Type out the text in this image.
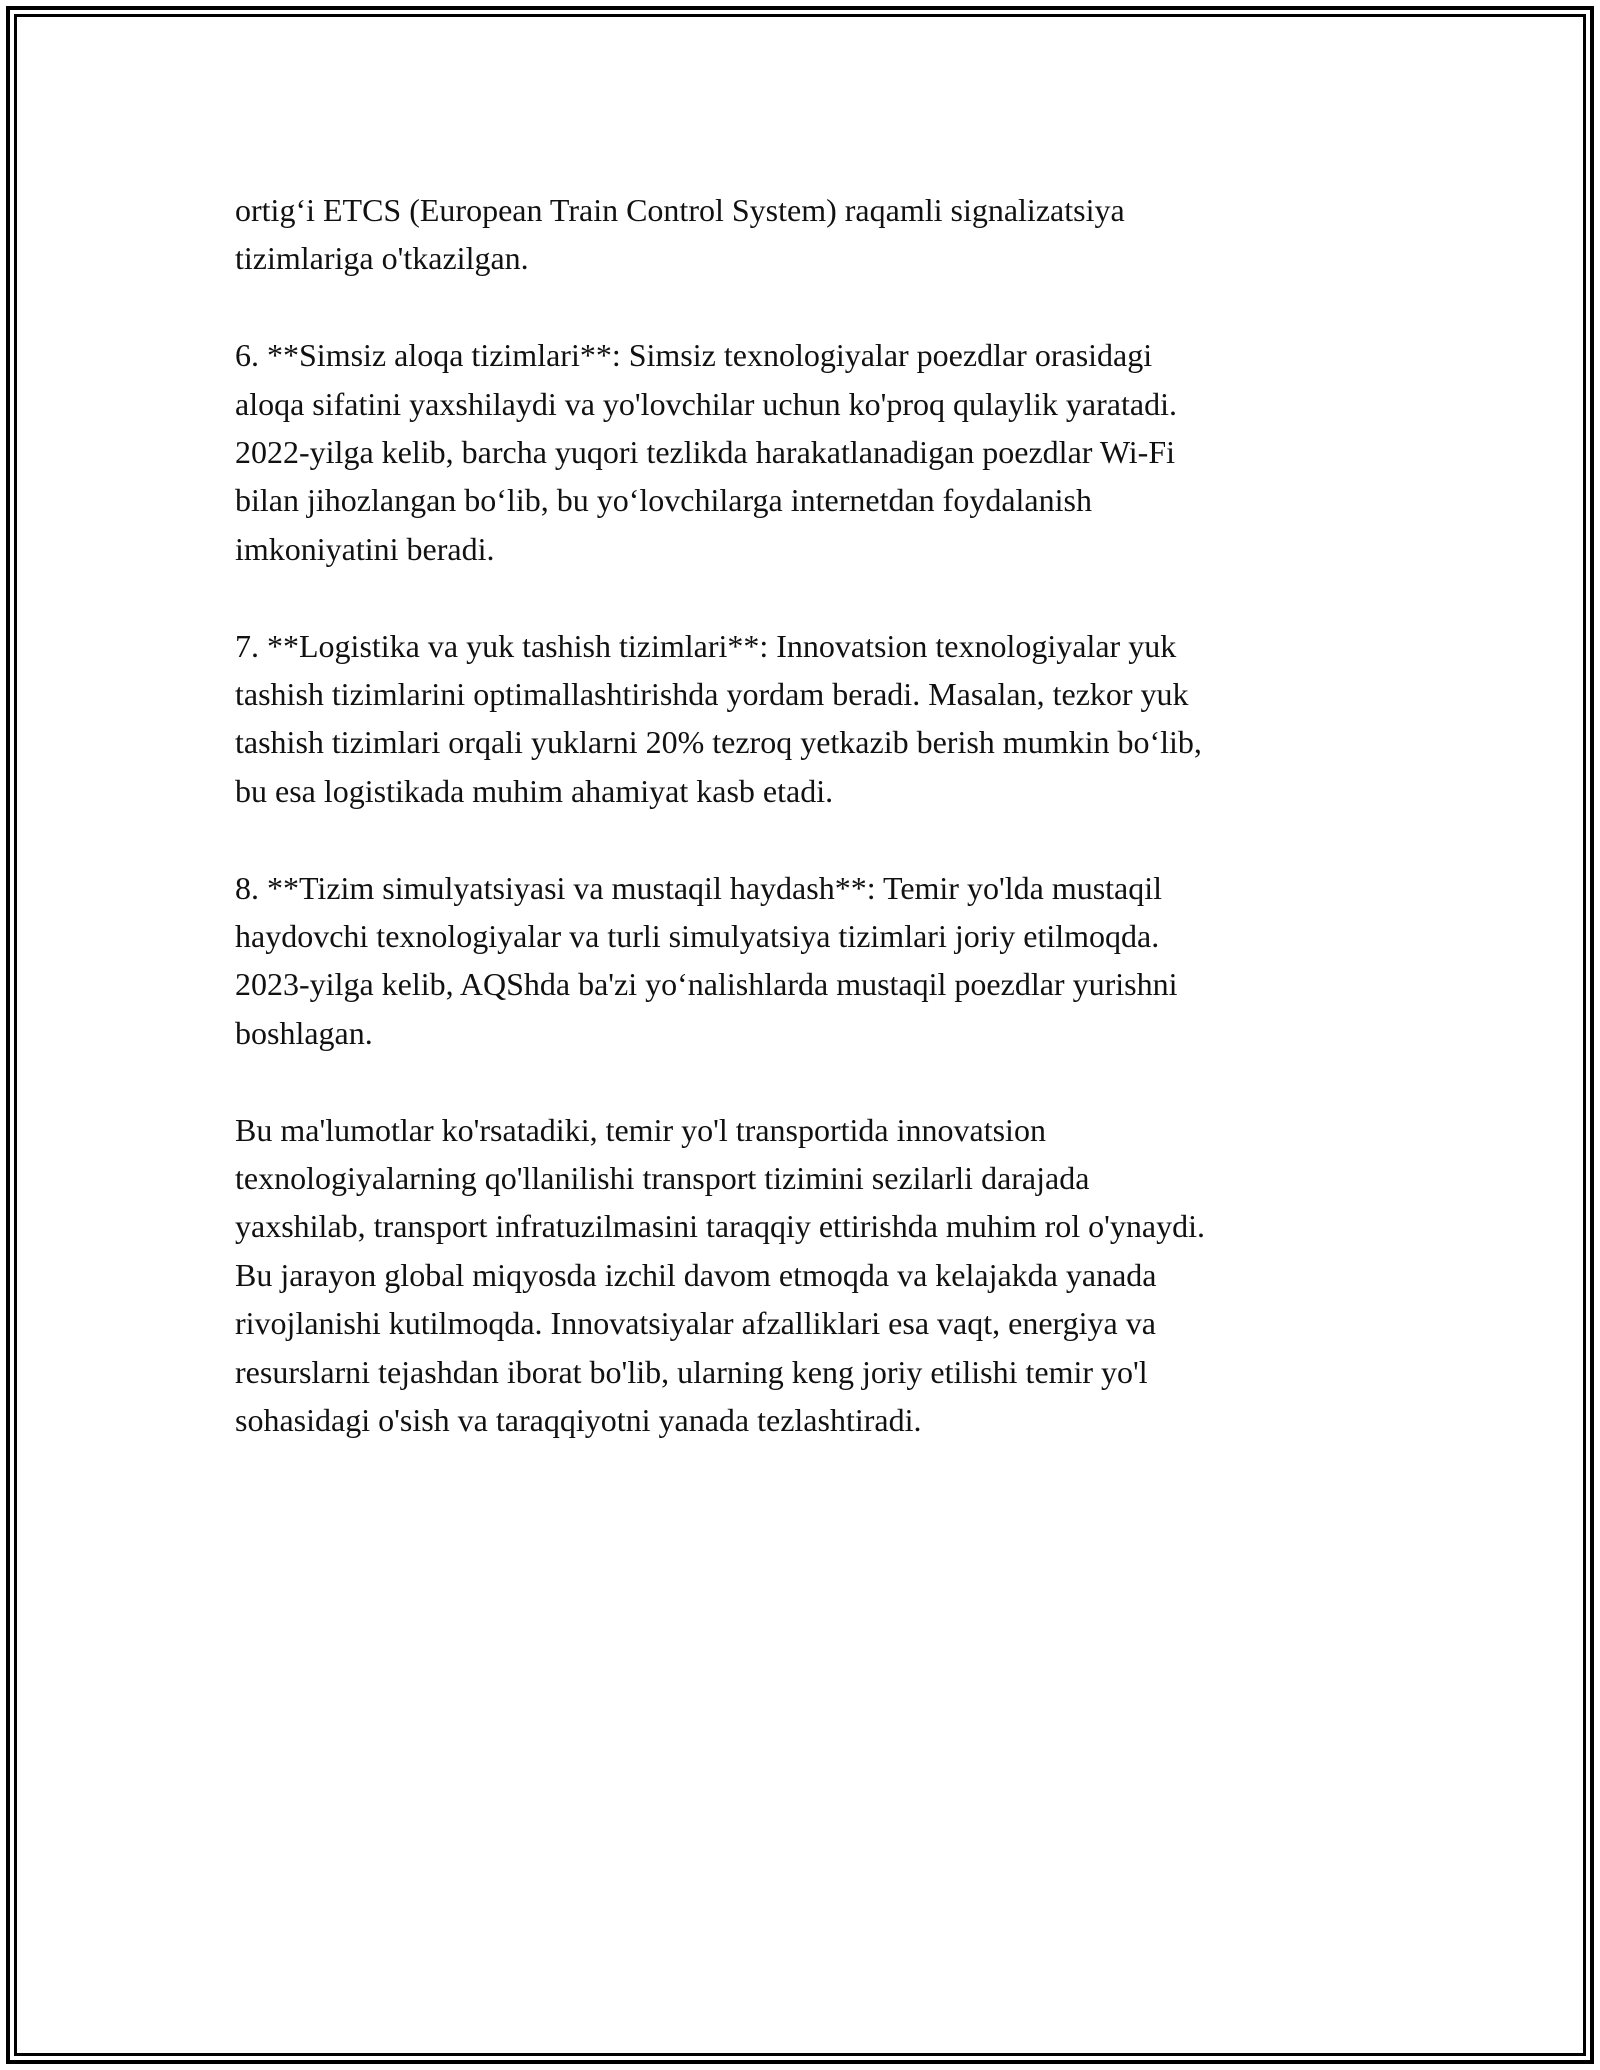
ortig‘i ETCS (European Train Control System) raqamli signalizatsiya
tizimlariga o'tkazilgan.

6. **Simsiz aloqa tizimlari**: Simsiz texnologiyalar poezdlar orasidagi
aloqa sifatini yaxshilaydi va yo'lovchilar uchun ko'proq qulaylik yaratadi.
2022-yilga kelib, barcha yuqori tezlikda harakatlanadigan poezdlar Wi-Fi
bilan jihozlangan bo‘lib, bu yo‘lovchilarga internetdan foydalanish
imkoniyatini beradi.

7. **Logistika va yuk tashish tizimlari**: Innovatsion texnologiyalar yuk
tashish tizimlarini optimallashtirishda yordam beradi. Masalan, tezkor yuk
tashish tizimlari orqali yuklarni 20% tezroq yetkazib berish mumkin bo‘lib,
bu esa logistikada muhim ahamiyat kasb etadi.

8. **Tizim simulyatsiyasi va mustaqil haydash**: Temir yo'lda mustaqil
haydovchi texnologiyalar va turli simulyatsiya tizimlari joriy etilmoqda.
2023-yilga kelib, AQShda ba'zi yo‘nalishlarda mustaqil poezdlar yurishni
boshlagan.

Bu ma'lumotlar ko'rsatadiki, temir yo'l transportida innovatsion
texnologiyalarning qo'llanilishi transport tizimini sezilarli darajada
yaxshilab, transport infratuzilmasini taraqqiy ettirishda muhim rol o'ynaydi.
Bu jarayon global miqyosda izchil davom etmoqda va kelajakda yanada
rivojlanishi kutilmoqda. Innovatsiyalar afzalliklari esa vaqt, energiya va
resurslarni tejashdan iborat bo'lib, ularning keng joriy etilishi temir yo'l
sohasidagi o'sish va taraqqiyotni yanada tezlashtiradi.
